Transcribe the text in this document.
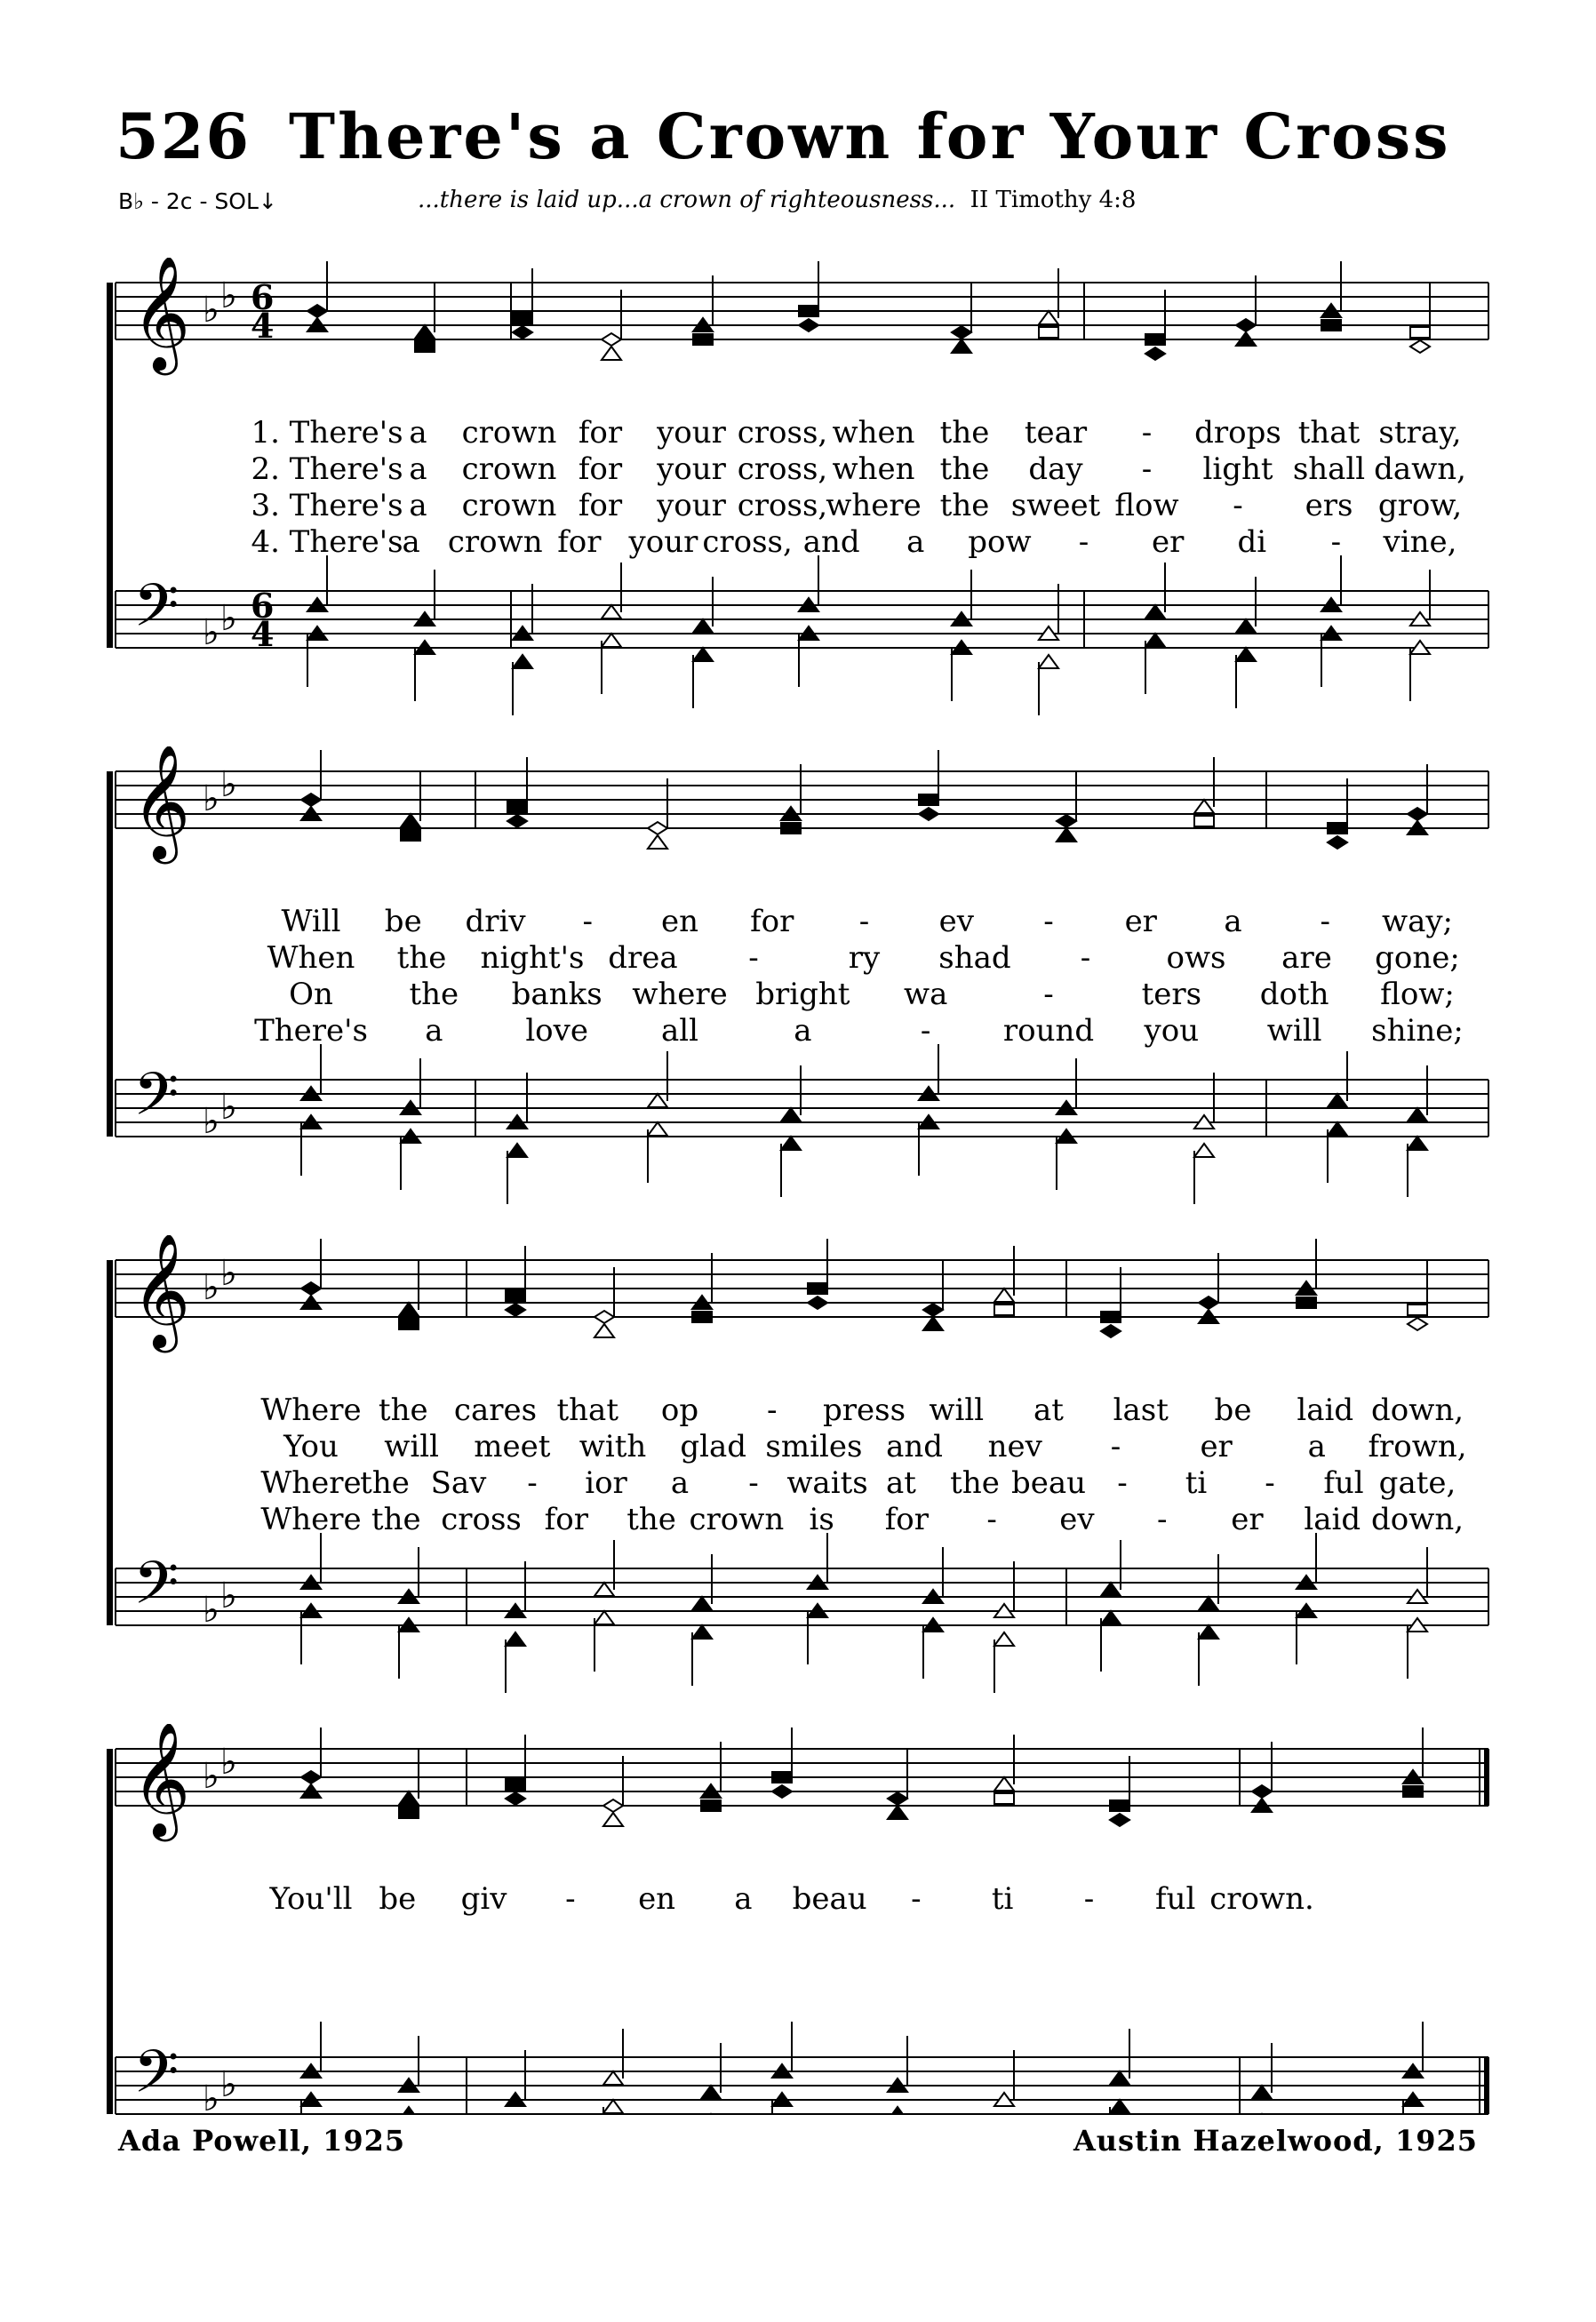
526 There's a Crown for Your Cross
B♭ - 2c - SOL↓	...there is laid up...a crown of righteousness... II Timothy 4:8
𝄞
𝄢
♭
♭
♭
♭
6
4
6
4
1. There's a crown for your cross, when the tear - drops that stray,
2. There's a crown for your cross, when the day - light shall dawn,
3. There's a crown for your cross,
where the sweet flow - ers grow,
4. There's
a crown for your cross, and a pow - er di - vine,
𝄞
𝄢
♭
♭
♭
♭
Will be driv - en for - ev - er a	- way;
When the night's drea -	ry shad -	ows are gone;
On	the banks where bright wa	-	ters doth flow;
There's a	love all	a	- round you will shine;
𝄞
𝄢
♭
♭
♭
♭
Where the cares that op - press will at last be laid down,
You will meet with glad smiles and nev -	er a frown,
Where
the Sav - ior a - waits at the beau - ti - ful gate,
Where the cross for the crown is for - ev - er laid down,
𝄞
𝄢
♭
♭
♭
♭
You'll be giv - en a beau - ti - ful crown.
Ada Powell, 1925	Austin Hazelwood, 1925
